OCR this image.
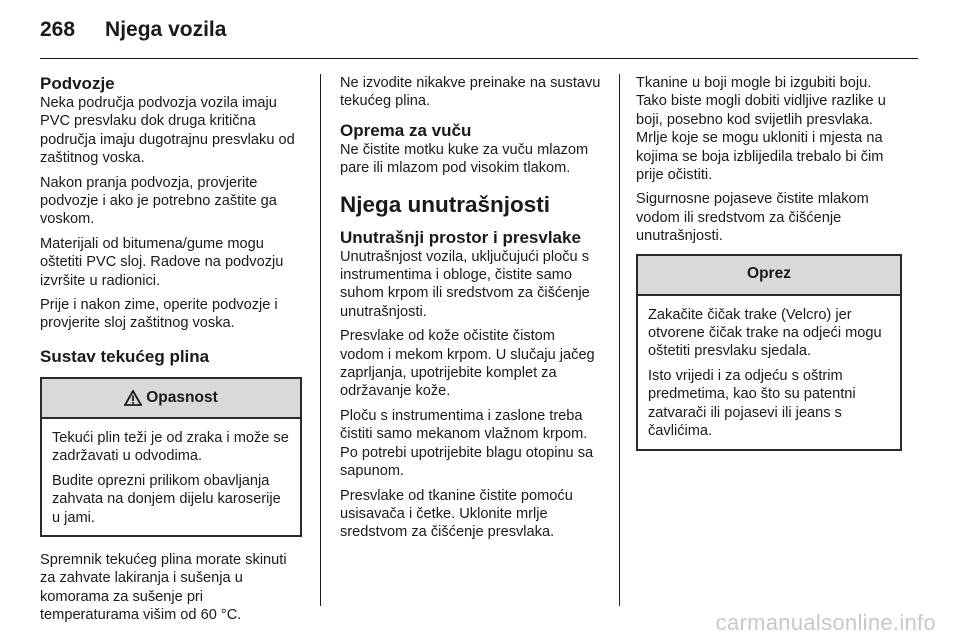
268 Njega vozila
Podvozje

Neka područja podvozja vozila imaju PVC presvlaku dok druga kritična područja imaju dugotrajnu presvlaku od zaštitnog voska.

Nakon pranja podvozja, provjerite podvozje i ako je potrebno zaštite ga voskom.

Materijali od bitumena/gume mogu oštetiti PVC sloj. Radove na podvozju izvršite u radionici.

Prije i nakon zime, operite podvozje i provjerite sloj zaštitnog voska.

Sustav tekućeg plina
Opasnost

Tekući plin teži je od zraka i može se zadržavati u odvodima.

Budite oprezni prilikom obavljanja zahvata na donjem dijelu karoserije u jami.

Spremnik tekućeg plina morate skinuti za zahvate lakiranja i sušenja u komorama za sušenje pri temperaturama višim od 60 °C.

Ne izvodite nikakve preinake na sustavu tekućeg plina.

Oprema za vuču

Ne čistite motku kuke za vuču mlazom pare ili mlazom pod visokim tlakom.

Njega unutrašnjosti
Unutrašnji prostor i presvlake

Unutrašnjost vozila, uključujući ploču s instrumentima i obloge, čistite samo suhom krpom ili sredstvom za čišćenje unutrašnjosti.

Presvlake od kože očistite čistom vodom i mekom krpom. U slučaju jačeg zaprljanja, upotrijebite komplet za održavanje kože.

Ploču s instrumentima i zaslone treba čistiti samo mekanom vlažnom krpom. Po potrebi upotrijebite blagu otopinu sa sapunom.

Presvlake od tkanine čistite pomoću usisavača i četke. Uklonite mrlje sredstvom za čišćenje presvlaka.

Tkanine u boji mogle bi izgubiti boju. Tako biste mogli dobiti vidljive razlike u boji, posebno kod svijetlih presvlaka. Mrlje koje se mogu ukloniti i mjesta na kojima se boja izblijedila trebalo bi čim prije očistiti.

Sigurnosne pojaseve čistite mlakom vodom ili sredstvom za čišćenje unutrašnjosti.

Oprez

Zakačite čičak trake (Velcro) jer otvorene čičak trake na odjeći mogu oštetiti presvlaku sjedala.

Isto vrijedi i za odjeću s oštrim predmetima, kao što su patentni zatvarači ili pojasevi ili jeans s čavlićima.

carmanualsonline.info
